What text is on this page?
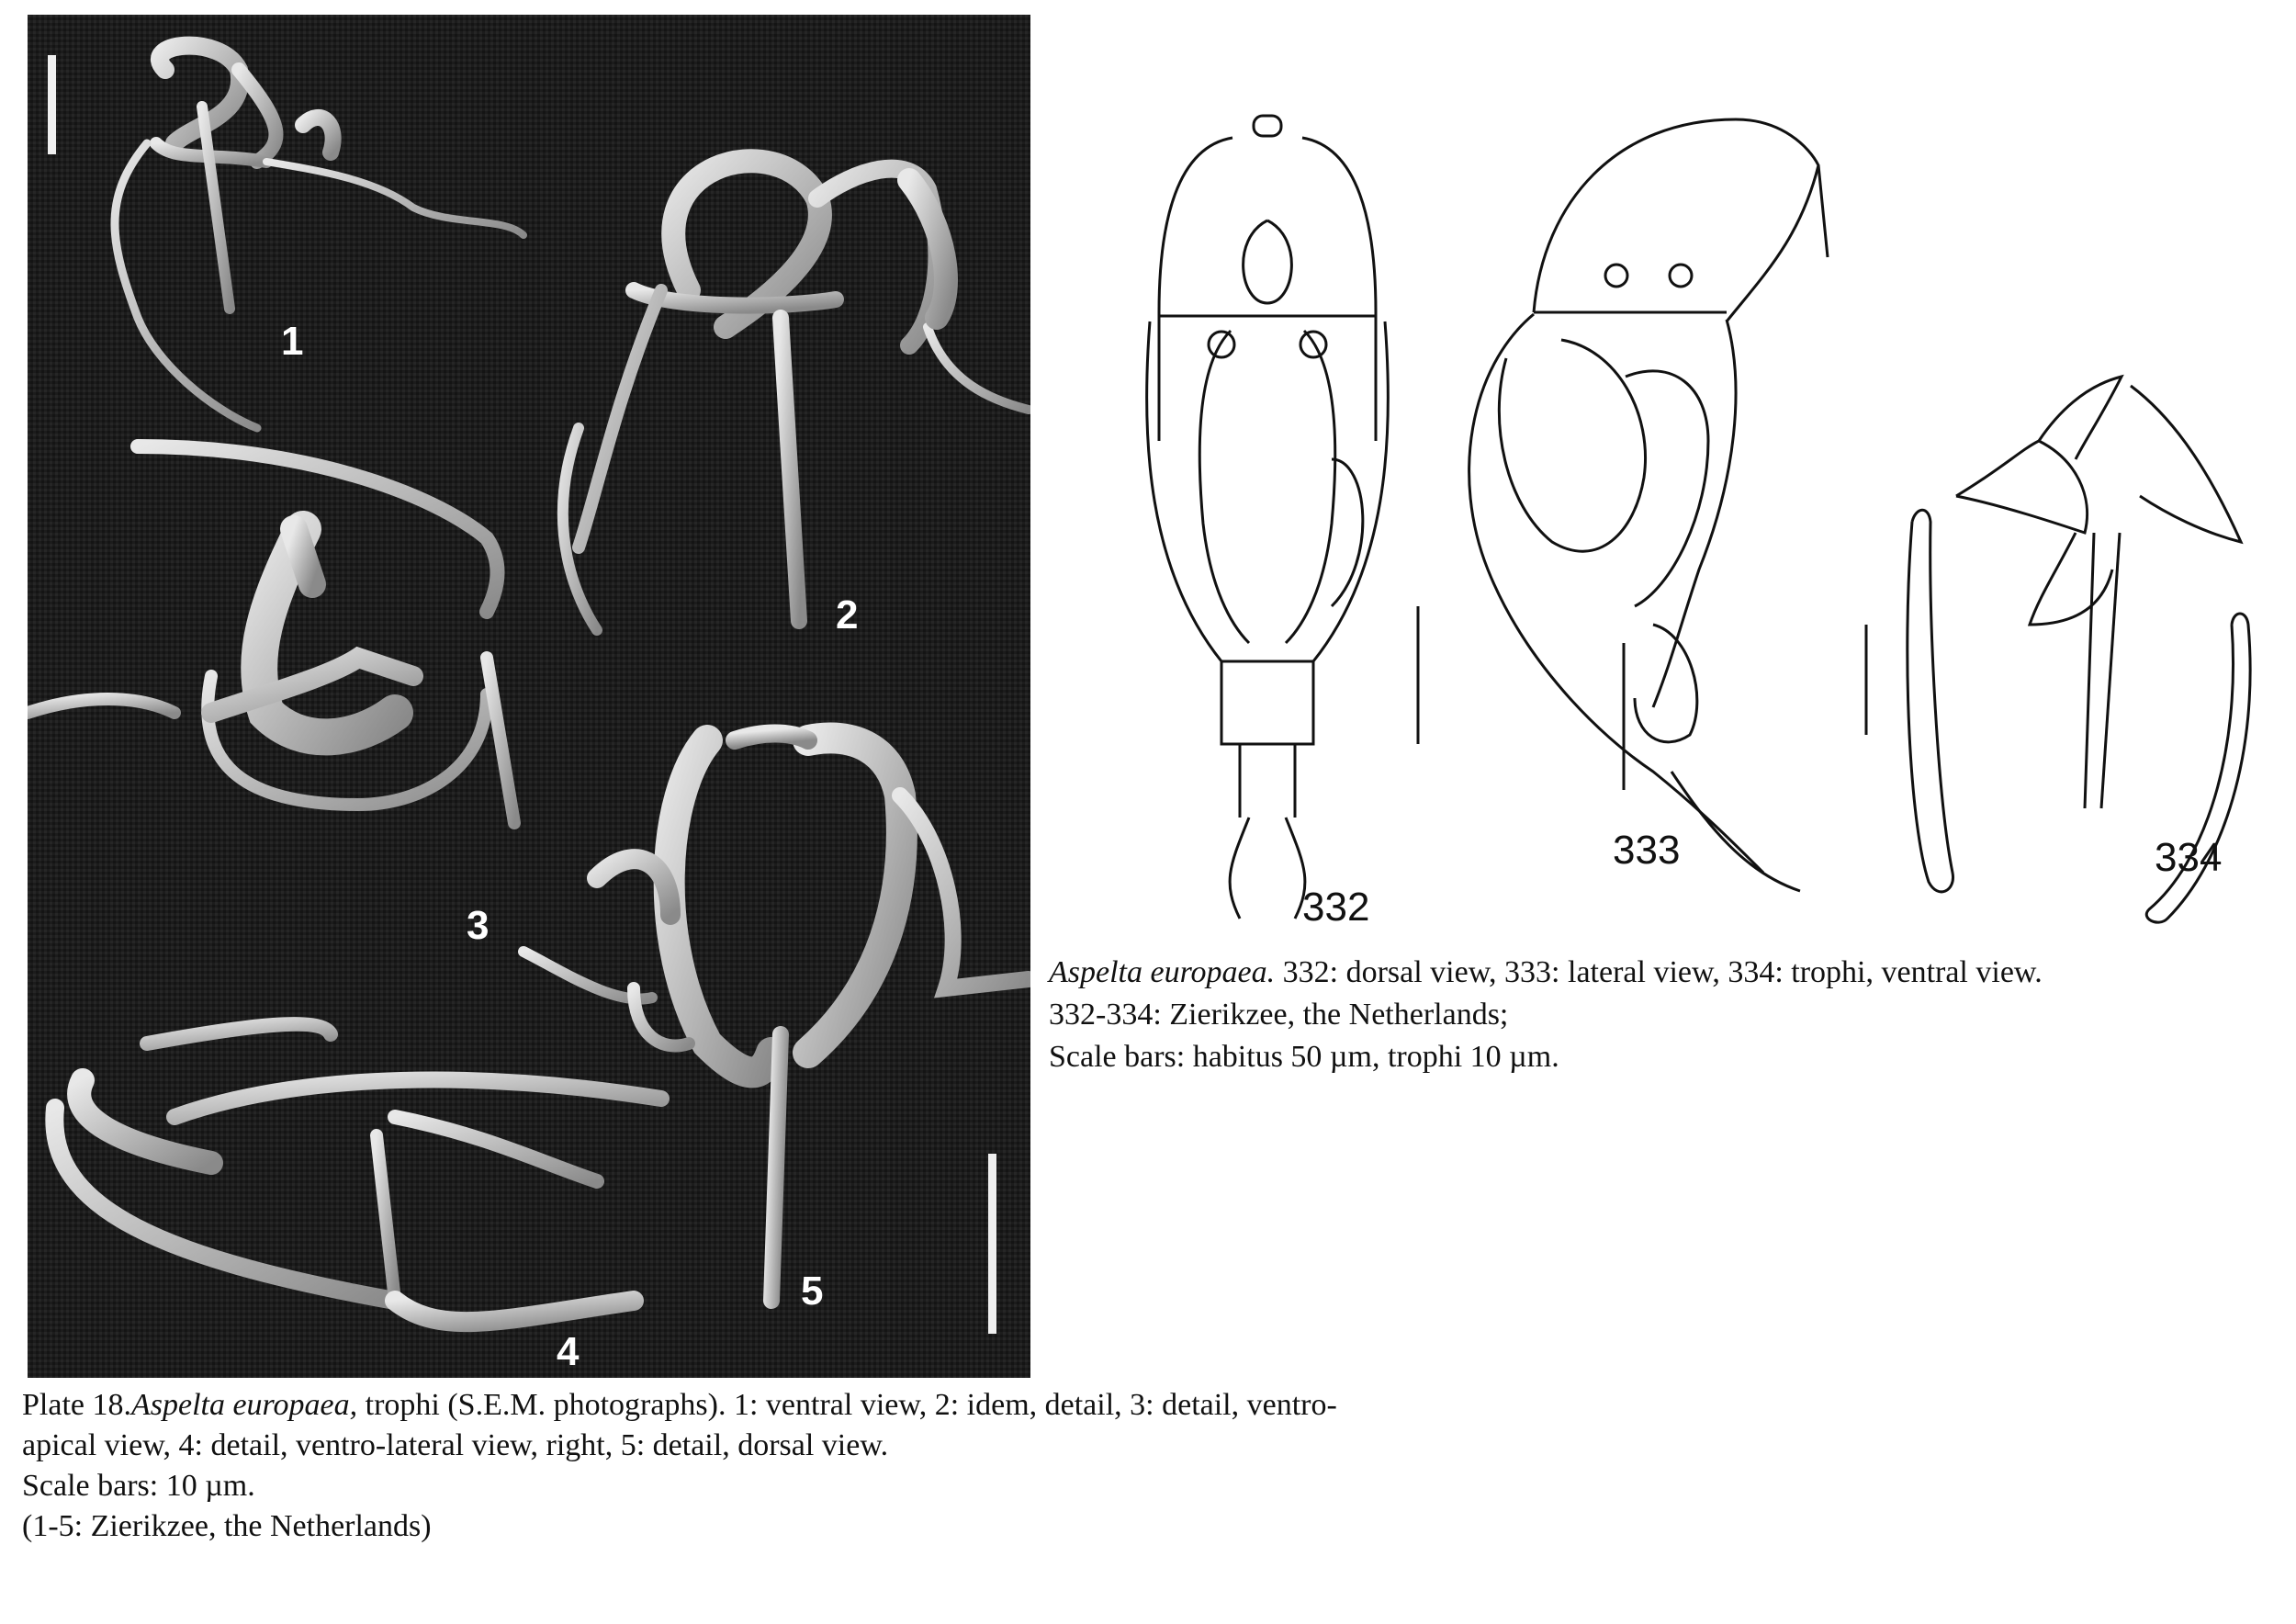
1
2
3
5
4
332
333	334

Aspelta europaea. 332: dorsal view, 333: lateral view, 334: trophi, ventral view.

332-334: Zierikzee, the Netherlands;

Scale bars: habitus 50 µm, trophi 10 µm.

Plate 18.Aspelta europaea, trophi (S.E.M. photographs). 1: ventral view, 2: idem, detail, 3: detail, ventro-

apical view, 4: detail, ventro-lateral view, right, 5: detail, dorsal view.

Scale bars: 10 µm.

(1-5: Zierikzee, the Netherlands)
